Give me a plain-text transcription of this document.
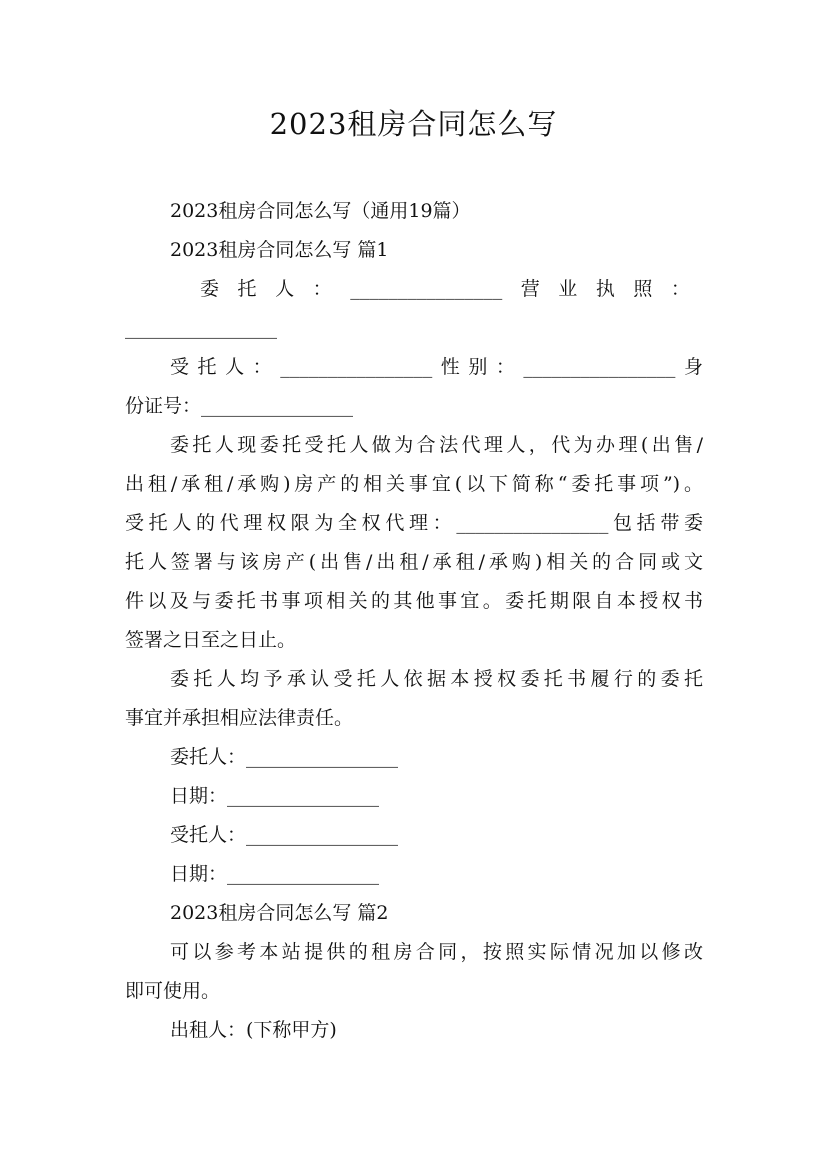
2023租房合同怎么写
2023租房合同怎么写（通用19篇）
2023租房合同怎么写 篇1
委 托 人 ： ________________ 营 业 执 照 ：
________________
受托人：________________性别：________________身
份证号：________________
委托人现委托受托人做为合法代理人，代为办理(出售/
出租/承租/承购)房产的相关事宜(以下简称“委托事项”)。
受托人的代理权限为全权代理：________________包括带委
托人签署与该房产(出售/出租/承租/承购)相关的合同或文
件以及与委托书事项相关的其他事宜。委托期限自本授权书
签署之日至之日止。
委托人均予承认受托人依据本授权委托书履行的委托
事宜并承担相应法律责任。
委托人：________________
日期：________________
受托人：________________
日期：________________
2023租房合同怎么写 篇2
可以参考本站提供的租房合同，按照实际情况加以修改
即可使用。
出租人：(下称甲方)
